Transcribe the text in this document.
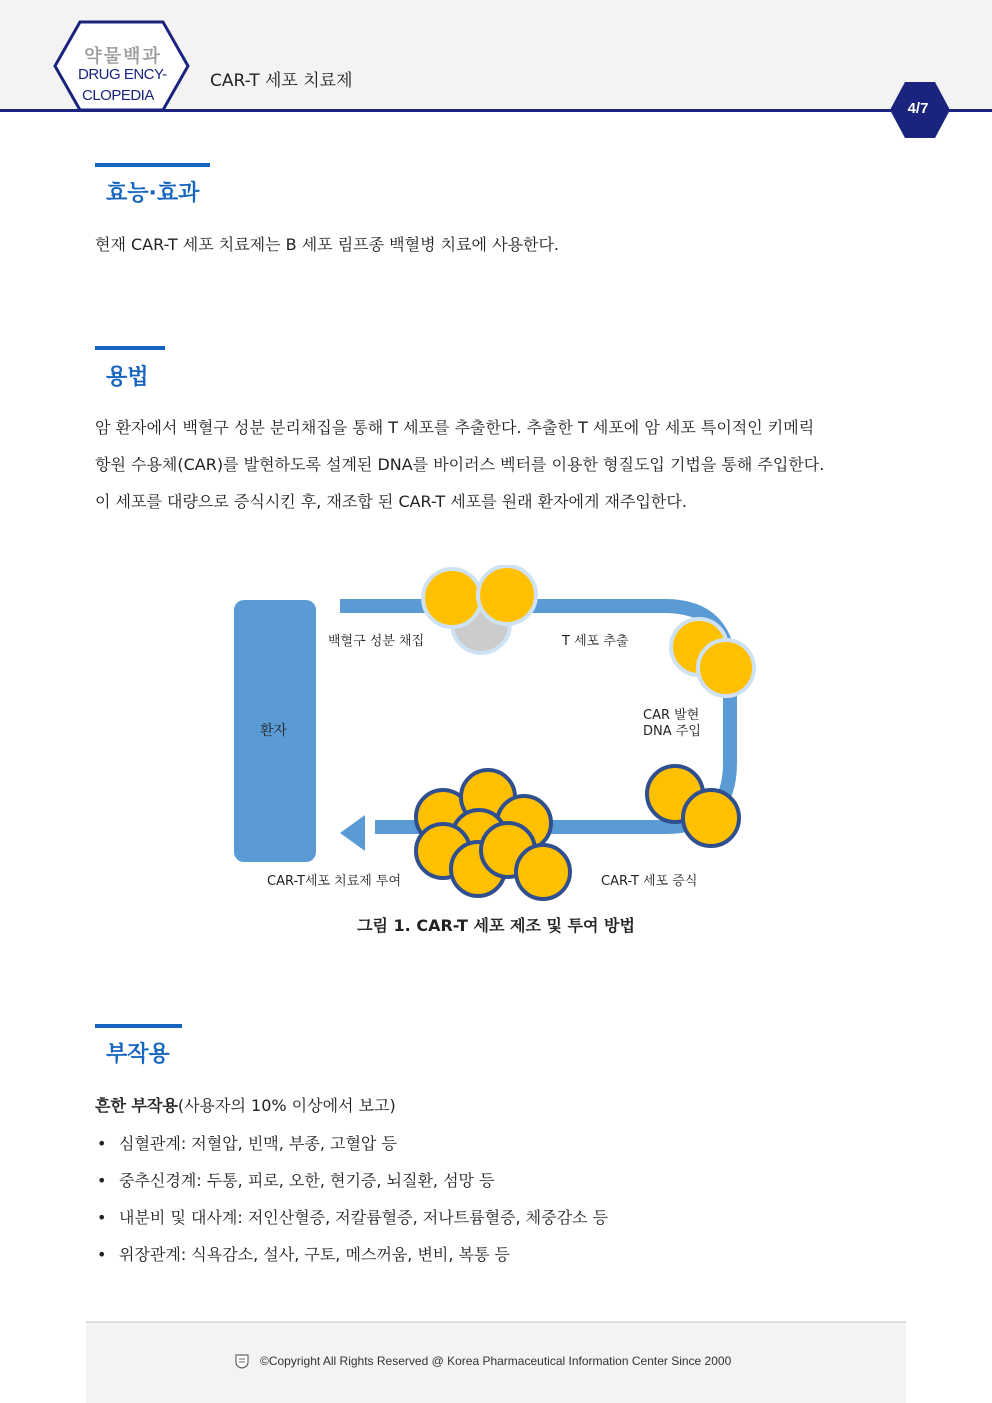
약물백과
DRUG ENCY-
CLOPEDIA
CAR-T 세포 치료제
4/7
효능·효과
현재 CAR-T 세포 치료제는 B 세포 림프종 백혈병 치료에 사용한다.
용법
암 환자에서 백혈구 성분 분리채집을 통해 T 세포를 추출한다. 추출한 T 세포에 암 세포 특이적인 키메릭
항원 수용체(CAR)를 발현하도록 설계된 DNA를 바이러스 벡터를 이용한 형질도입 기법을 통해 주입한다.
이 세포를 대량으로 증식시킨 후, 재조합 된 CAR-T 세포를 원래 환자에게 재주입한다.
환자
백혈구 성분 채집	T 세포 추출
CAR 발현
DNA 주입
CAR-T 세포 증식
CAR-T세포 치료제 투여
그림 1. CAR-T 세포 제조 및 투여 방법
부작용
흔한 부작용(사용자의 10% 이상에서 보고)
• 심혈관계: 저혈압, 빈맥, 부종, 고혈압 등
• 중추신경계: 두통, 피로, 오한, 현기증, 뇌질환, 섬망 등
• 내분비 및 대사계: 저인산혈증, 저칼륨혈증, 저나트륨혈증, 체중감소 등
• 위장관계: 식욕감소, 설사, 구토, 메스꺼움, 변비, 복통 등
©Copyright All Rights Reserved @ Korea Pharmaceutical Information Center Since 2000
